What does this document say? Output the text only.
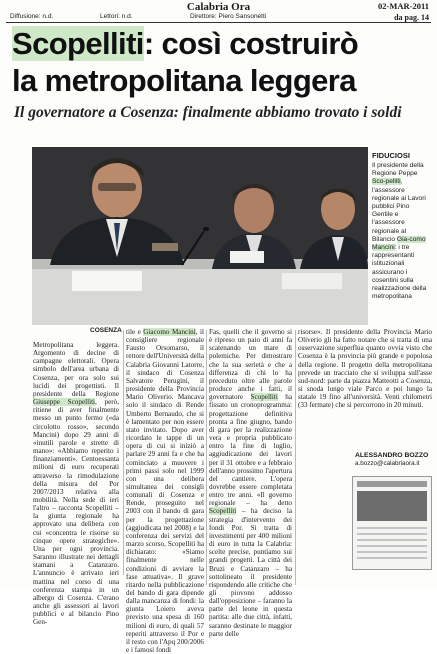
Calabria Ora	02-MAR-2011
Diffusione: n.d.	Lettori: n.d.	Direttore: Piero Sansonetti	da pag. 14
Scopelliti: così costruirò
la metropolitana leggera
Il governatore a Cosenza: finalmente abbiamo trovato i soldi
FIDUCIOSI
Il presidente della Regione Peppe Sco-pelliti, l'assessore regionale ai Lavori pubblici Pino Gentile e l'assessore regionale al Bilancio Gia-como Mancini: i tre rappresentanti istituzionali assicurano i cosentini sulla realizzazione della metropolitana
COSENZA
Metropolitana leggera. Argomento di decine di campagne elettorali. Opera simbolo dell'area urbana di Cosenza, per ora solo sui lucidi dei progettisti. Il presidente della Regione Giuseppe Scopelliti, però, ritiene di aver finalmente messo un punto fermo («da circolotto rosso», secondo Mancini) dopo 29 anni di «inutili parole e strette di mano»: «Abbiamo reperito i finanziamenti». Centoessanta milioni di euro recuperati attraverso la rimodulazione della misura del Por 2007/2013 relativa alla mobilità. Nella sede di ieri l'altro – racconta Scopelliti – la giunta regionale ha approvato una delibera con cui «concentra le risorse su cinque opere strategiche». Una per ogni provincia. Saranno illustrate nei dettagli stamani a Catanzaro. L'annuncio è arrivato ieri mattina nel corso di una conferenza stampa in un albergo di Cosenza. C'erano anche gli assessori ai lavori pubblici e al bilancio Pino Gen-
tile e Giacomo Mancini, il consigliere regionale Fausto Orsomarso, il rettore dell'Università della Calabria Giovanni Latorre, il sindaco di Cosenza Salvatore Perugini, il presidente della Provincia Mario Oliverio. Mancava solo il sindaco di Rende Umberto Bernaudo, che si è lamentato per non essere stato invitato. Dopo aver ricordato le tappe di un opera di cui si iniziò a parlare 29 anni fa e che ha cominciato a muovere i primi passi solo nel 1999 con una delibera simultanea dei consigli comunali di Cosenza e Rende, proseguito nel 2003 con il bando di gara per la progettazione (aggiudicata nel 2008) e la conferenza dei servizi del marzo scorso, Scopelliti ha dichiarato: «Siamo finalmente nelle condizioni di avviare la fase attuativa». Il grave ritardo nella pubblicazione del bando di gara dipende dalla mancanza di fondi: la giunta Loiero aveva previsto una spesa di 160 milioni di euro, di quali 57 reperiti attraverso il Por e il resto con l'Apq 200/2006 e i famosi fondi
Fas, quelli che il governo si è ripreso un paio di anni fa scatenando un mare di polemiche. Per dimostrare che la sua serietà e che a differenza di chi lo ha preceduto oltre alle parole produce anche i fatti, il governatore Scopelliti ha fissato un cronoprogramma: progettazione definitiva pronta a fine giugno, bando di gara per la realizzazione vera e propria pubblicato entro la fine di luglio, aggiudicazione dei lavori per il 31 ottobre e a febbraio dell'anno prossimo l'apertura del cantiere. L'opera dovrebbe essere completata entro tre anni. «Il governo regionale – ha detto Scopelliti – ha deciso la strategia d'intervento dei fondi Por. Si tratta di investimenti per 400 milioni di euro in tutta la Calabria: scelte precise, puntiamo sui grandi progetti. La città dei Bruzi e Catanzaro – ha sottolineato il presidente rispondendo alle critiche che gli piovono addosso dall'opposizione – faranno la parte del leone in questa partita: alle due città, infatti, saranno destinate le maggior parte delle
risorse». Il presidente della Provincia Mario Oliverio gli ha fatto notare che si tratta di una osservazione superflua quanto ovvia visto che Cosenza è la provincia più grande e popolosa della regione. Il progetto della metropolitana prevede un tracciato che si sviluppa sull'asse sud-nord: parte da piazza Matteotti a Cosenza, si snoda lungo viale Parco e poi lungo la statale 19 fino all'università. Venti chilometri (33 fermate) che si percorrono in 20 minuti.
ALESSANDRO BOZZO
a.bozzo@calabriaora.it
